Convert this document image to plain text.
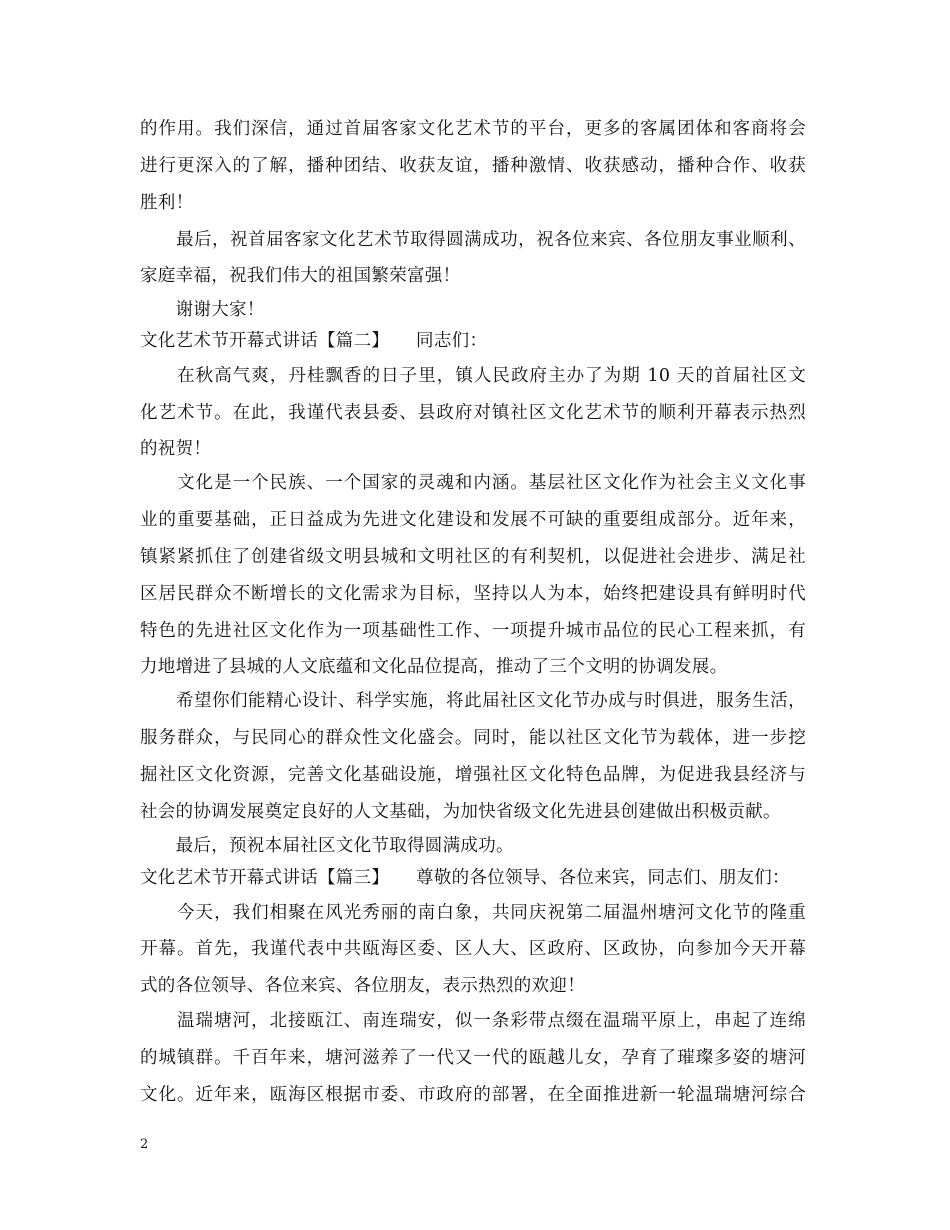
的作用。我们深信，通过首届客家文化艺术节的平台，更多的客属团体和客商将会
进行更深入的了解，播种团结、收获友谊，播种激情、收获感动，播种合作、收获
胜利！
　　最后，祝首届客家文化艺术节取得圆满成功，祝各位来宾、各位朋友事业顺利、
家庭幸福，祝我们伟大的祖国繁荣富强！
　　谢谢大家！
文化艺术节开幕式讲话【篇二】　　同志们：
　　在秋高气爽，丹桂飘香的日子里，镇人民政府主办了为期 10 天的首届社区文
化艺术节。在此，我谨代表县委、县政府对镇社区文化艺术节的顺利开幕表示热烈
的祝贺！
　　文化是一个民族、一个国家的灵魂和内涵。基层社区文化作为社会主义文化事
业的重要基础，正日益成为先进文化建设和发展不可缺的重要组成部分。近年来，
镇紧紧抓住了创建省级文明县城和文明社区的有利契机，以促进社会进步、满足社
区居民群众不断增长的文化需求为目标，坚持以人为本，始终把建设具有鲜明时代
特色的先进社区文化作为一项基础性工作、一项提升城市品位的民心工程来抓，有
力地增进了县城的人文底蕴和文化品位提高，推动了三个文明的协调发展。
　　希望你们能精心设计、科学实施，将此届社区文化节办成与时俱进，服务生活，
服务群众，与民同心的群众性文化盛会。同时，能以社区文化节为载体，进一步挖
掘社区文化资源，完善文化基础设施，增强社区文化特色品牌，为促进我县经济与
社会的协调发展奠定良好的人文基础，为加快省级文化先进县创建做出积极贡献。
　　最后，预祝本届社区文化节取得圆满成功。
文化艺术节开幕式讲话【篇三】　　尊敬的各位领导、各位来宾，同志们、朋友们：
　　今天，我们相聚在风光秀丽的南白象，共同庆祝第二届温州塘河文化节的隆重
开幕。首先，我谨代表中共瓯海区委、区人大、区政府、区政协，向参加今天开幕
式的各位领导、各位来宾、各位朋友，表示热烈的欢迎！
　　温瑞塘河，北接瓯江、南连瑞安，似一条彩带点缀在温瑞平原上，串起了连绵
的城镇群。千百年来，塘河滋养了一代又一代的瓯越儿女，孕育了璀璨多姿的塘河
文化。近年来，瓯海区根据市委、市政府的部署，在全面推进新一轮温瑞塘河综合
2
